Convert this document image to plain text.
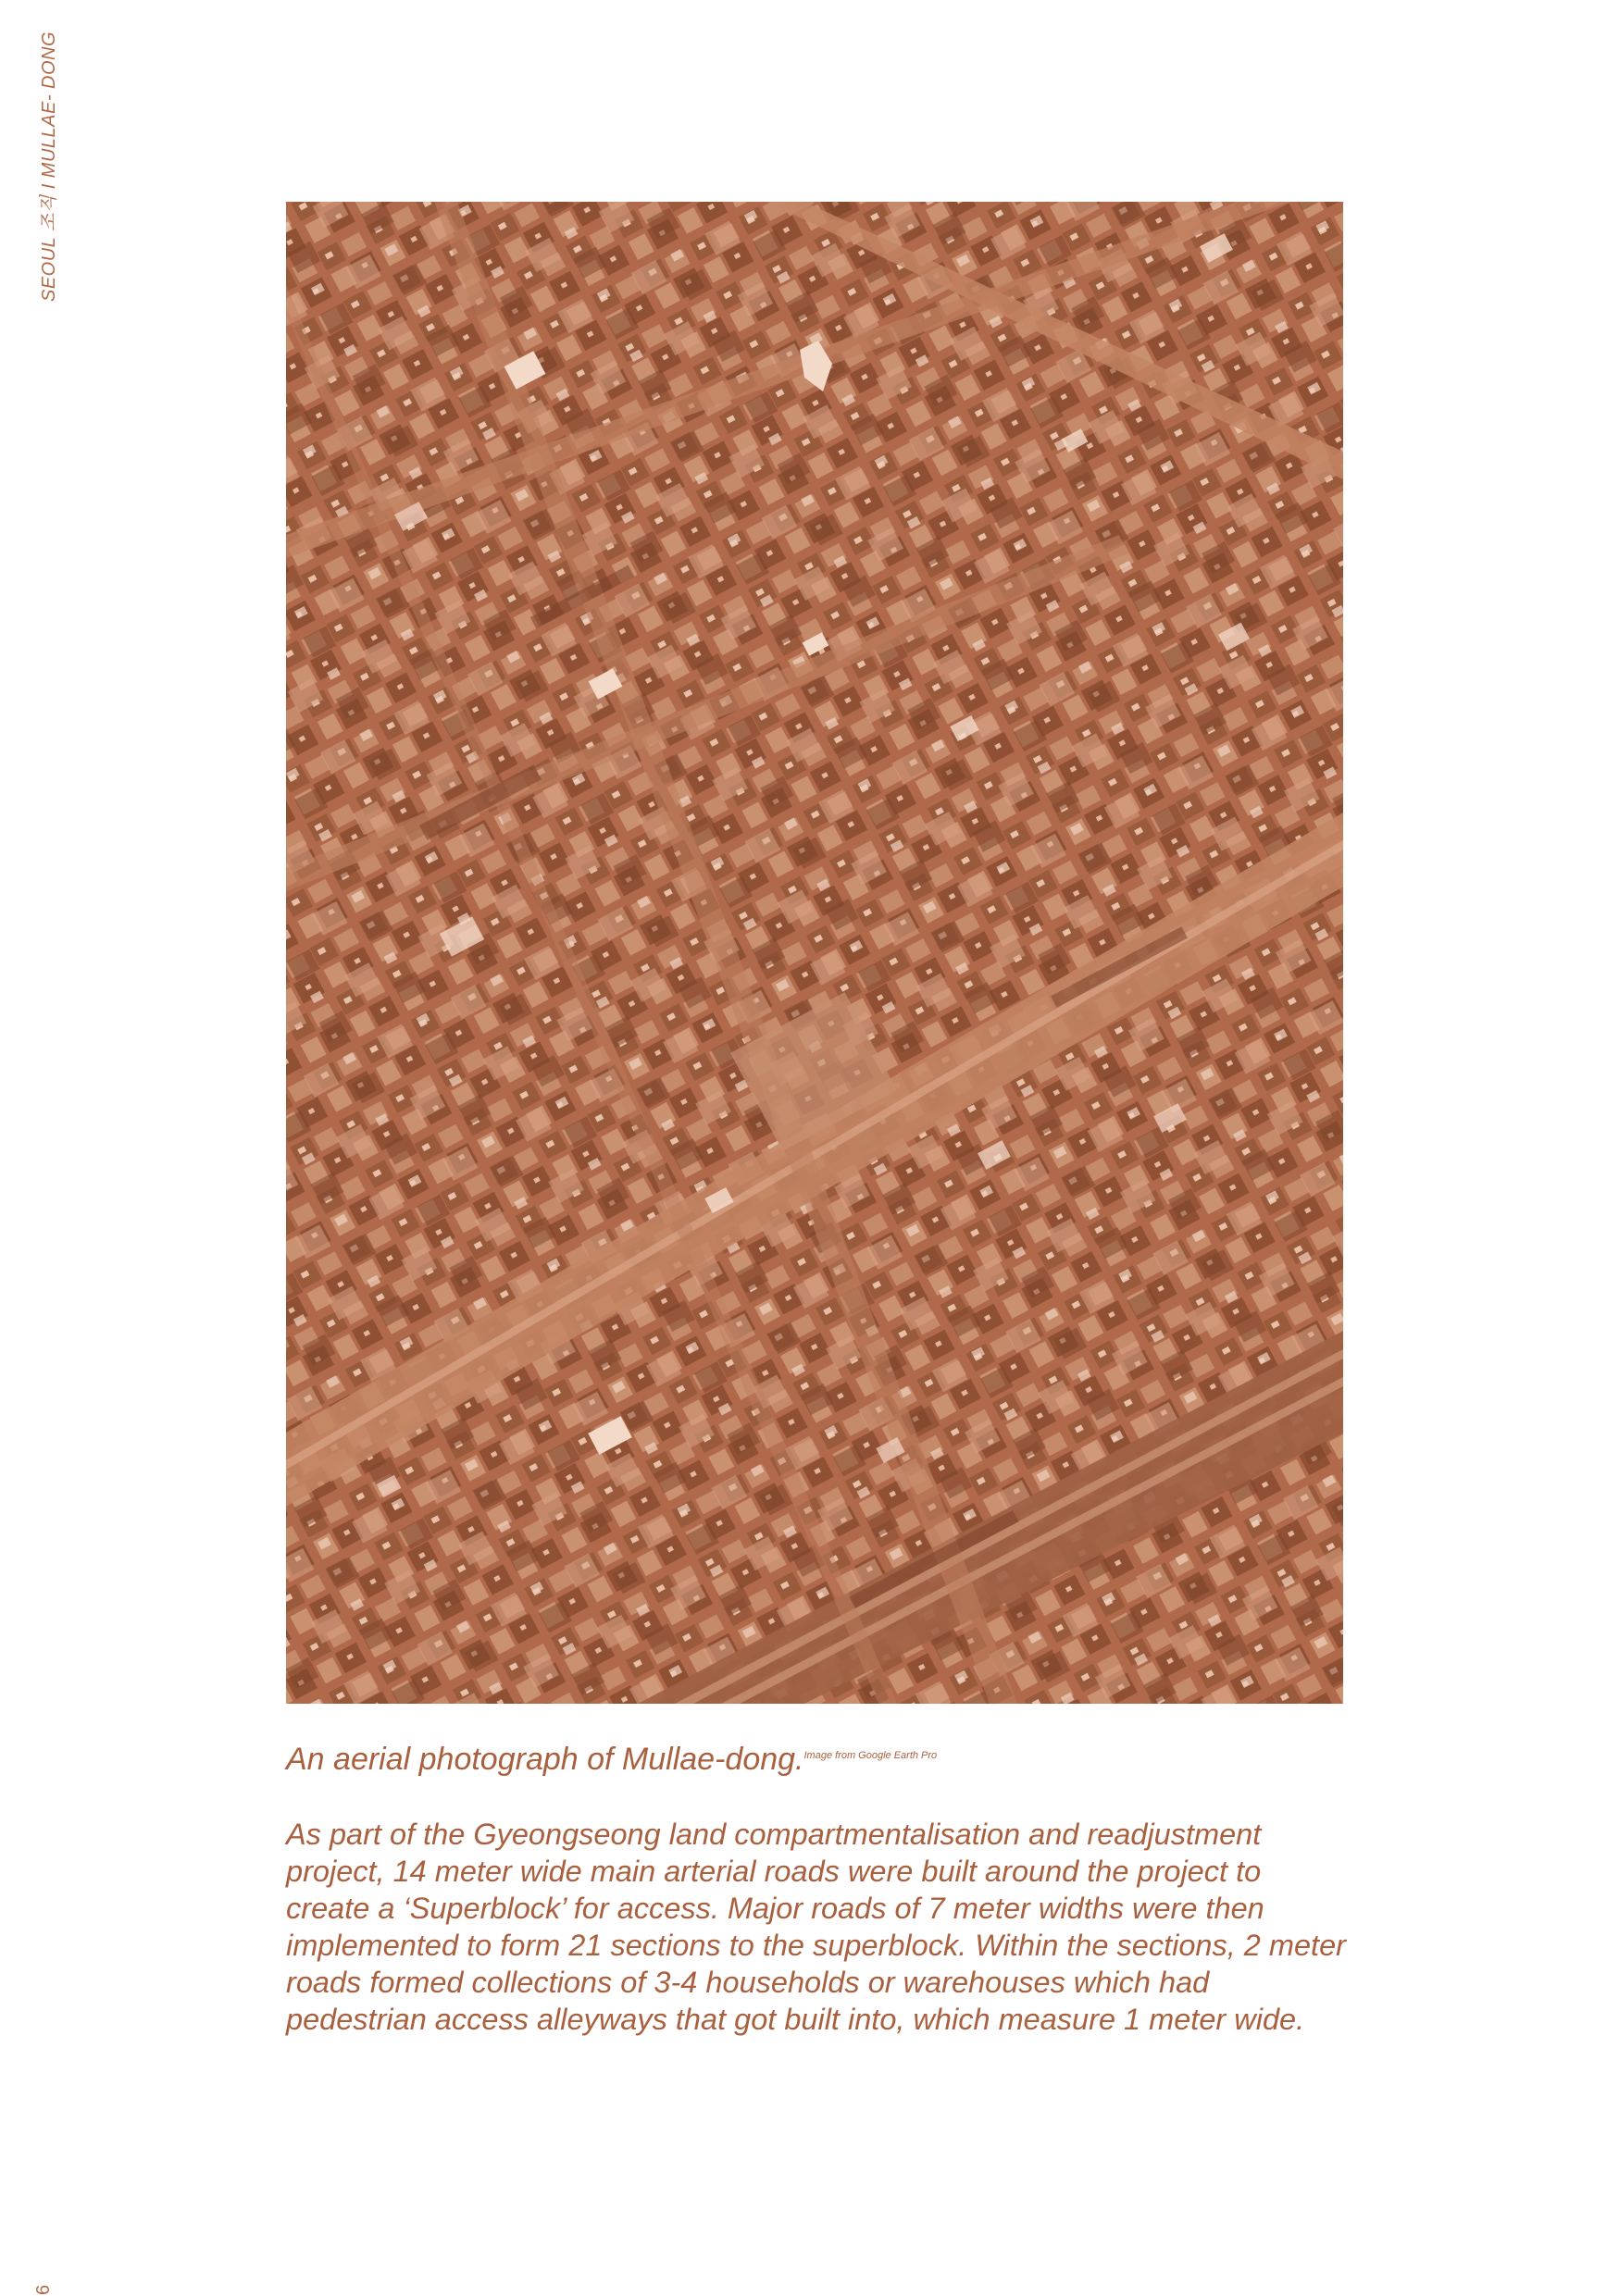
SEOUL 조직 I MULLAE- DONG
An aerial photograph of Mullae-dong.$^{Image from Google Earth Pro}$

As part of the Gyeongseong land compartmentalisation and readjustment project, 14 meter wide main arterial roads were built around the project to create a ‘Superblock’ for access. Major roads of 7 meter widths were then implemented to form 21 sections to the superblock. Within the sections, 2 meter roads formed collections of 3-4 households or warehouses which had pedestrian access alleyways that got built into, which measure 1 meter wide.

6
